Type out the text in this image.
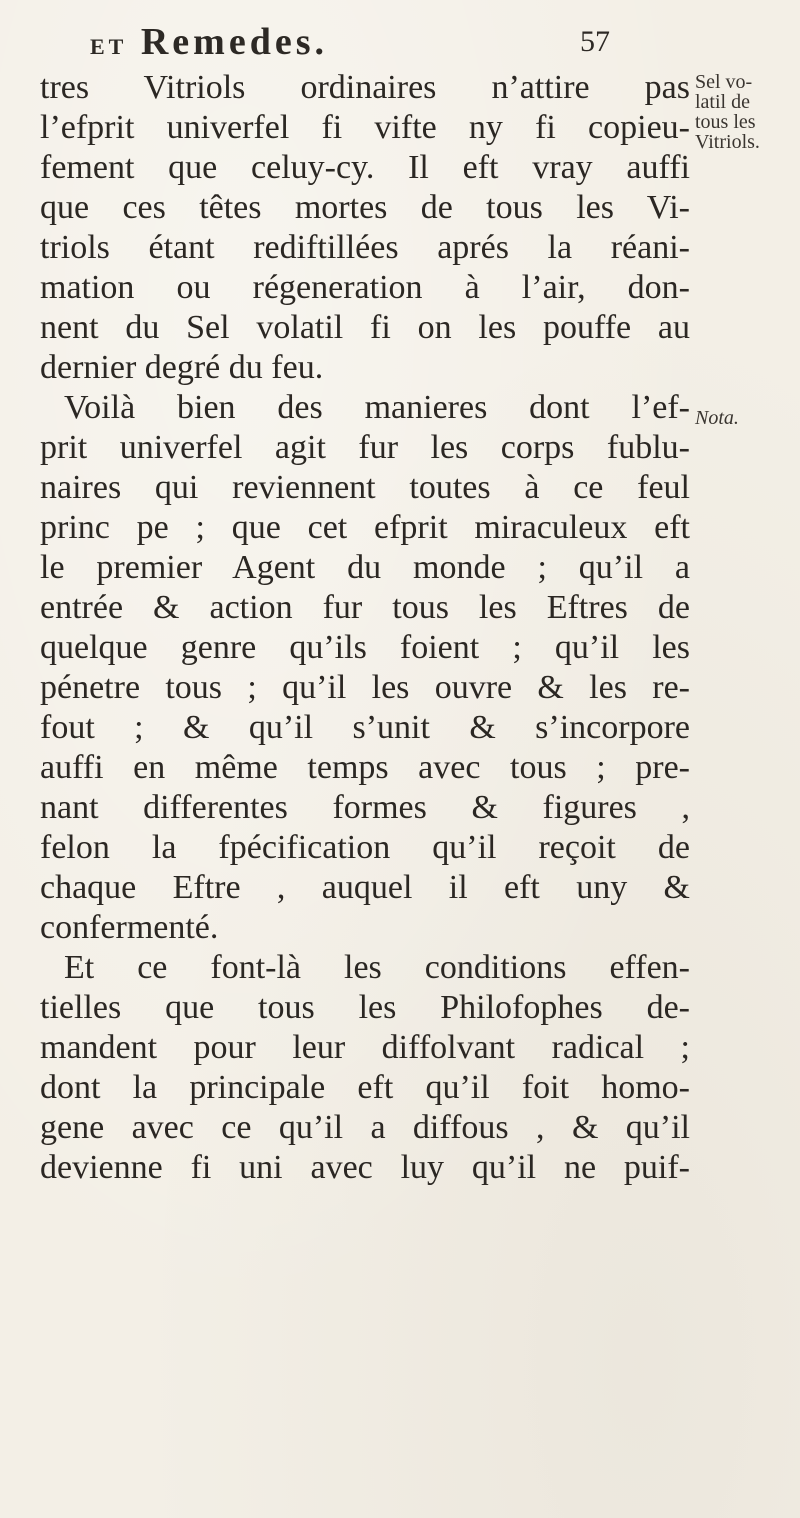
ET Remedes.	57
tres Vitriols ordinaires n’attire pas
l’efprit univerfel fi vifte ny fi copieu-
fement que celuy-cy. Il eft vray auffi
que ces têtes mortes de tous les Vi-
triols étant rediftillées aprés la réani-
mation ou régeneration à l’air, don-
nent du Sel volatil fi on les pouffe au
dernier degré du feu.
Voilà bien des manieres dont l’ef-
prit univerfel agit fur les corps fublu-
naires qui reviennent toutes à ce feul
princ pe ; que cet efprit miraculeux eft
le premier Agent du monde ; qu’il a
entrée & action fur tous les Eftres de
quelque genre qu’ils foient ; qu’il les
pénetre tous ; qu’il les ouvre & les re-
fout ; & qu’il s’unit & s’incorpore
auffi en même temps avec tous ; pre-
nant differentes formes & figures ,
felon la fpécification qu’il reçoit de
chaque Eftre , auquel il eft uny &
confermenté.
Et ce font-là les conditions effen-
tielles que tous les Philofophes de-
mandent pour leur diffolvant radical ;
dont la principale eft qu’il foit homo-
gene avec ce qu’il a diffous , & qu’il
devienne fi uni avec luy qu’il ne puif-
Sel vo-
latil de
tous les
Vitriols.
Nota.
